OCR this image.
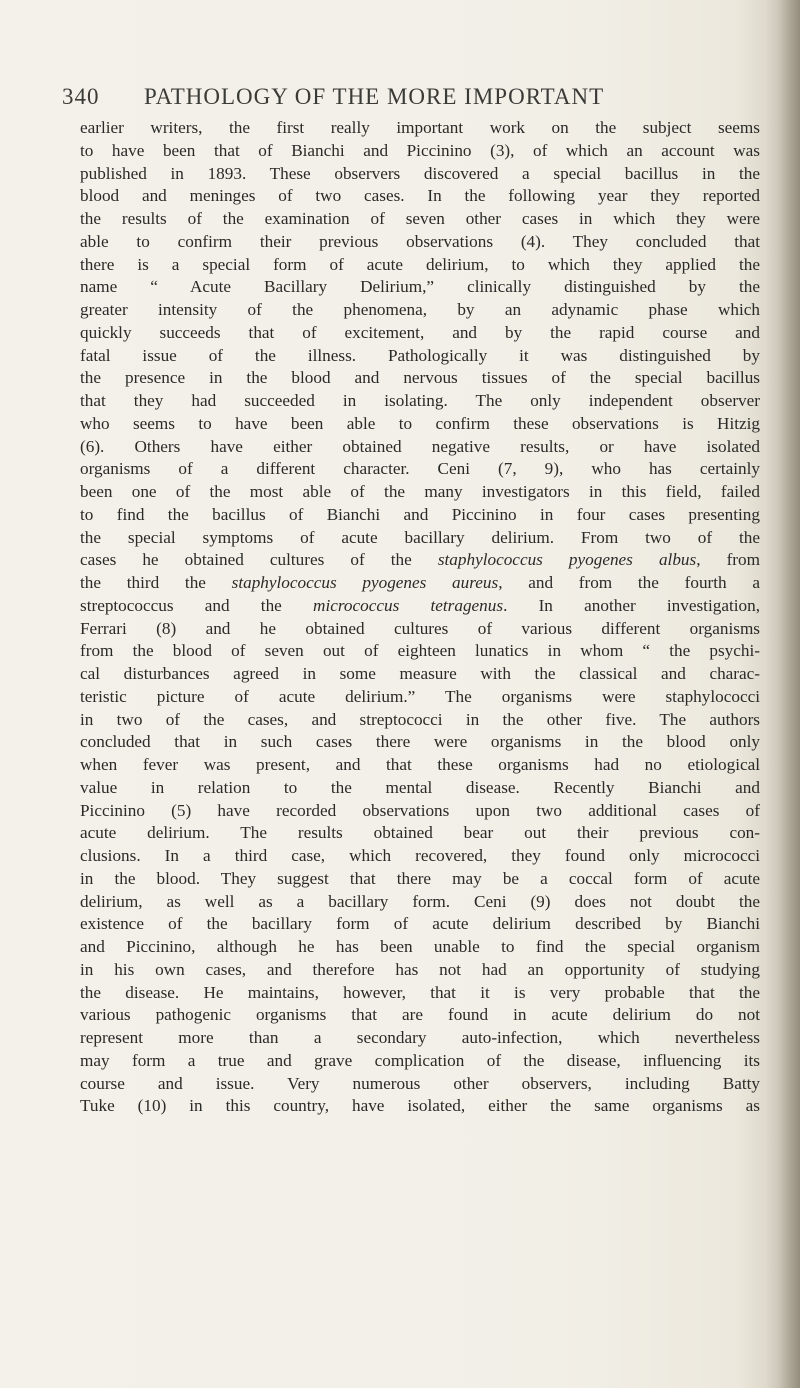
340 PATHOLOGY OF THE MORE IMPORTANT
earlier writers, the first really important work on the subject seems
to have been that of Bianchi and Piccinino (3), of which an account was
published in 1893. These observers discovered a special bacillus in the
blood and meninges of two cases. In the following year they reported
the results of the examination of seven other cases in which they were
able to confirm their previous observations (4). They concluded that
there is a special form of acute delirium, to which they applied the
name “ Acute Bacillary Delirium,” clinically distinguished by the
greater intensity of the phenomena, by an adynamic phase which
quickly succeeds that of excitement, and by the rapid course and
fatal issue of the illness. Pathologically it was distinguished by
the presence in the blood and nervous tissues of the special bacillus
that they had succeeded in isolating. The only independent observer
who seems to have been able to confirm these observations is Hitzig
(6). Others have either obtained negative results, or have isolated
organisms of a different character. Ceni (7, 9), who has certainly
been one of the most able of the many investigators in this field, failed
to find the bacillus of Bianchi and Piccinino in four cases presenting
the special symptoms of acute bacillary delirium. From two of the
cases he obtained cultures of the staphylococcus pyogenes albus, from
the third the staphylococcus pyogenes aureus, and from the fourth a
streptococcus and the micrococcus tetragenus. In another investigation,
Ferrari (8) and he obtained cultures of various different organisms
from the blood of seven out of eighteen lunatics in whom “ the psychi-
cal disturbances agreed in some measure with the classical and charac-
teristic picture of acute delirium.” The organisms were staphylococci
in two of the cases, and streptococci in the other five. The authors
concluded that in such cases there were organisms in the blood only
when fever was present, and that these organisms had no etiological
value in relation to the mental disease. Recently Bianchi and
Piccinino (5) have recorded observations upon two additional cases of
acute delirium. The results obtained bear out their previous con-
clusions. In a third case, which recovered, they found only micrococci
in the blood. They suggest that there may be a coccal form of acute
delirium, as well as a bacillary form. Ceni (9) does not doubt the
existence of the bacillary form of acute delirium described by Bianchi
and Piccinino, although he has been unable to find the special organism
in his own cases, and therefore has not had an opportunity of studying
the disease. He maintains, however, that it is very probable that the
various pathogenic organisms that are found in acute delirium do not
represent more than a secondary auto-infection, which nevertheless
may form a true and grave complication of the disease, influencing its
course and issue. Very numerous other observers, including Batty
Tuke (10) in this country, have isolated, either the same organisms as
